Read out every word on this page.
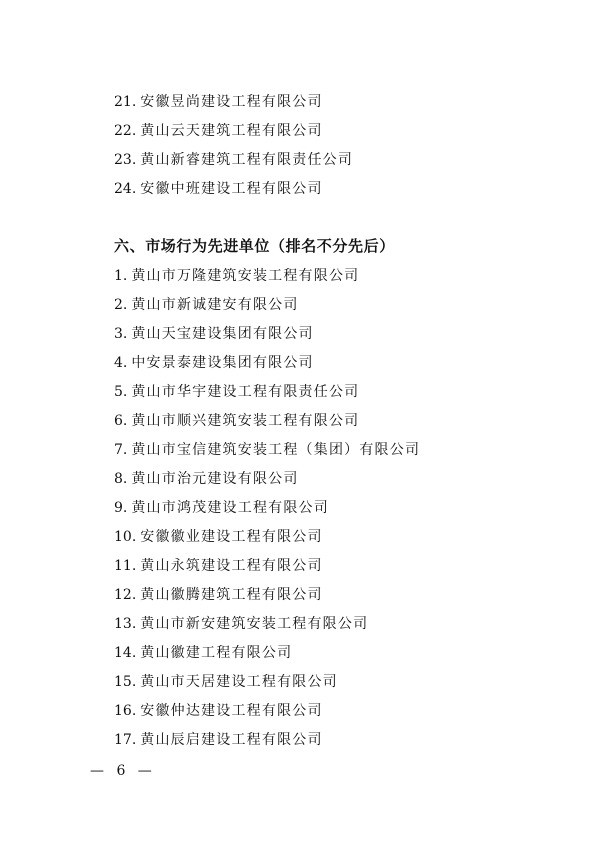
21. 安徽昱尚建设工程有限公司
22. 黄山云天建筑工程有限公司
23. 黄山新睿建筑工程有限责任公司
24. 安徽中班建设工程有限公司
六、市场行为先进单位（排名不分先后）
1. 黄山市万隆建筑安装工程有限公司
2. 黄山市新诚建安有限公司
3. 黄山天宝建设集团有限公司
4. 中安景泰建设集团有限公司
5. 黄山市华宇建设工程有限责任公司
6. 黄山市顺兴建筑安装工程有限公司
7. 黄山市宝信建筑安装工程（集团）有限公司
8. 黄山市治元建设有限公司
9. 黄山市鸿茂建设工程有限公司
10. 安徽徽业建设工程有限公司
11. 黄山永筑建设工程有限公司
12. 黄山徽腾建筑工程有限公司
13. 黄山市新安建筑安装工程有限公司
14. 黄山徽建工程有限公司
15. 黄山市天居建设工程有限公司
16. 安徽仲达建设工程有限公司
17. 黄山辰启建设工程有限公司
— 6 —
